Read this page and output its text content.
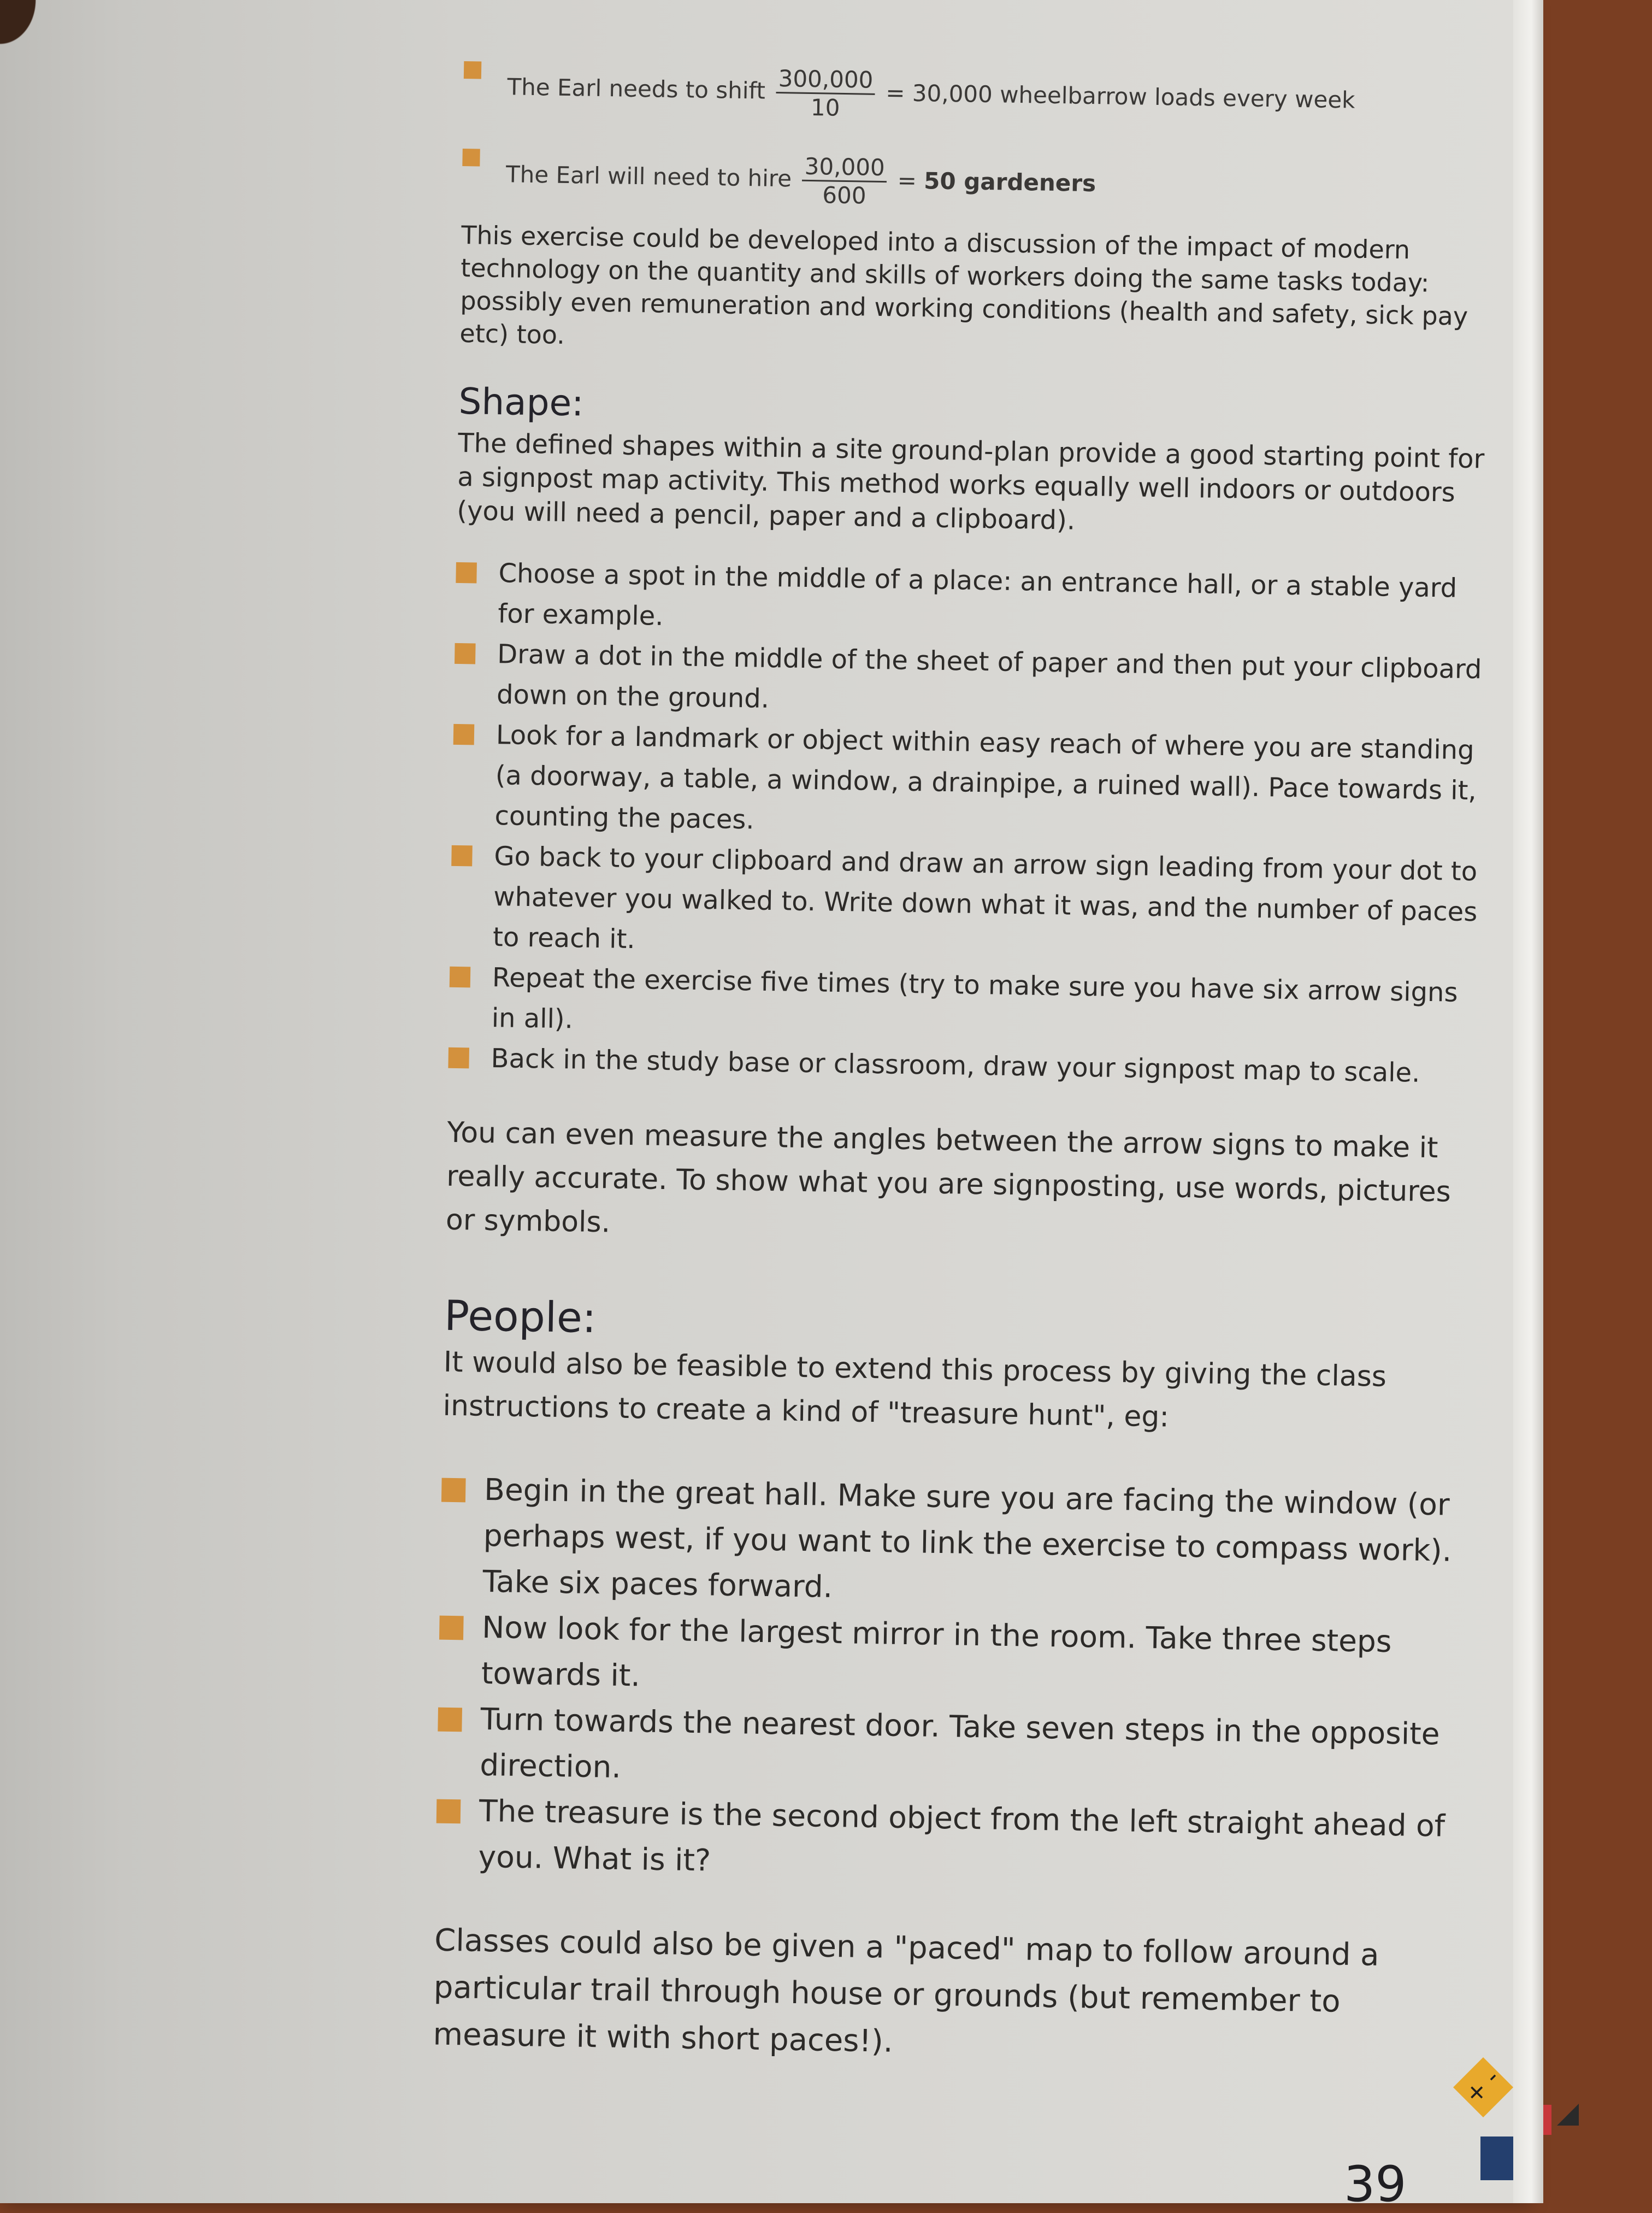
The Earl needs to shift $\frac{300,000}{10} = 30,000$ wheelbarrow loads every week
The Earl will need to hire $\frac{30,000}{600} = 50$ gardeners

This exercise could be developed into a discussion of the impact of modern technology on the quantity and skills of workers doing the same tasks today: possibly even remuneration and working conditions (health and safety, sick pay etc) too.

Shape:

The defined shapes within a site ground-plan provide a good starting point for a signpost map activity. This method works equally well indoors or outdoors (you will need a pencil, paper and a clipboard).

Choose a spot in the middle of a place: an entrance hall, or a stable yard for example.
Draw a dot in the middle of the sheet of paper and then put your clipboard down on the ground.
Look for a landmark or object within easy reach of where you are standing (a doorway, a table, a window, a drainpipe, a ruined wall). Pace towards it, counting the paces.
Go back to your clipboard and draw an arrow sign leading from your dot to whatever you walked to. Write down what it was, and the number of paces to reach it.
Repeat the exercise five times (try to make sure you have six arrow signs in all).
Back in the study base or classroom, draw your signpost map to scale.

You can even measure the angles between the arrow signs to make it really accurate. To show what you are signposting, use words, pictures or symbols.

People:

It would also be feasible to extend this process by giving the class instructions to create a kind of "treasure hunt", eg:

Begin in the great hall. Make sure you are facing the window (or perhaps west, if you want to link the exercise to compass work). Take six paces forward.
Now look for the largest mirror in the room. Take three steps towards it.
Turn towards the nearest door. Take seven steps in the opposite direction.
The treasure is the second object from the left straight ahead of you. What is it?

Classes could also be given a "paced" map to follow around a particular trail through house or grounds (but remember to measure it with short paces!).

39
+ -
